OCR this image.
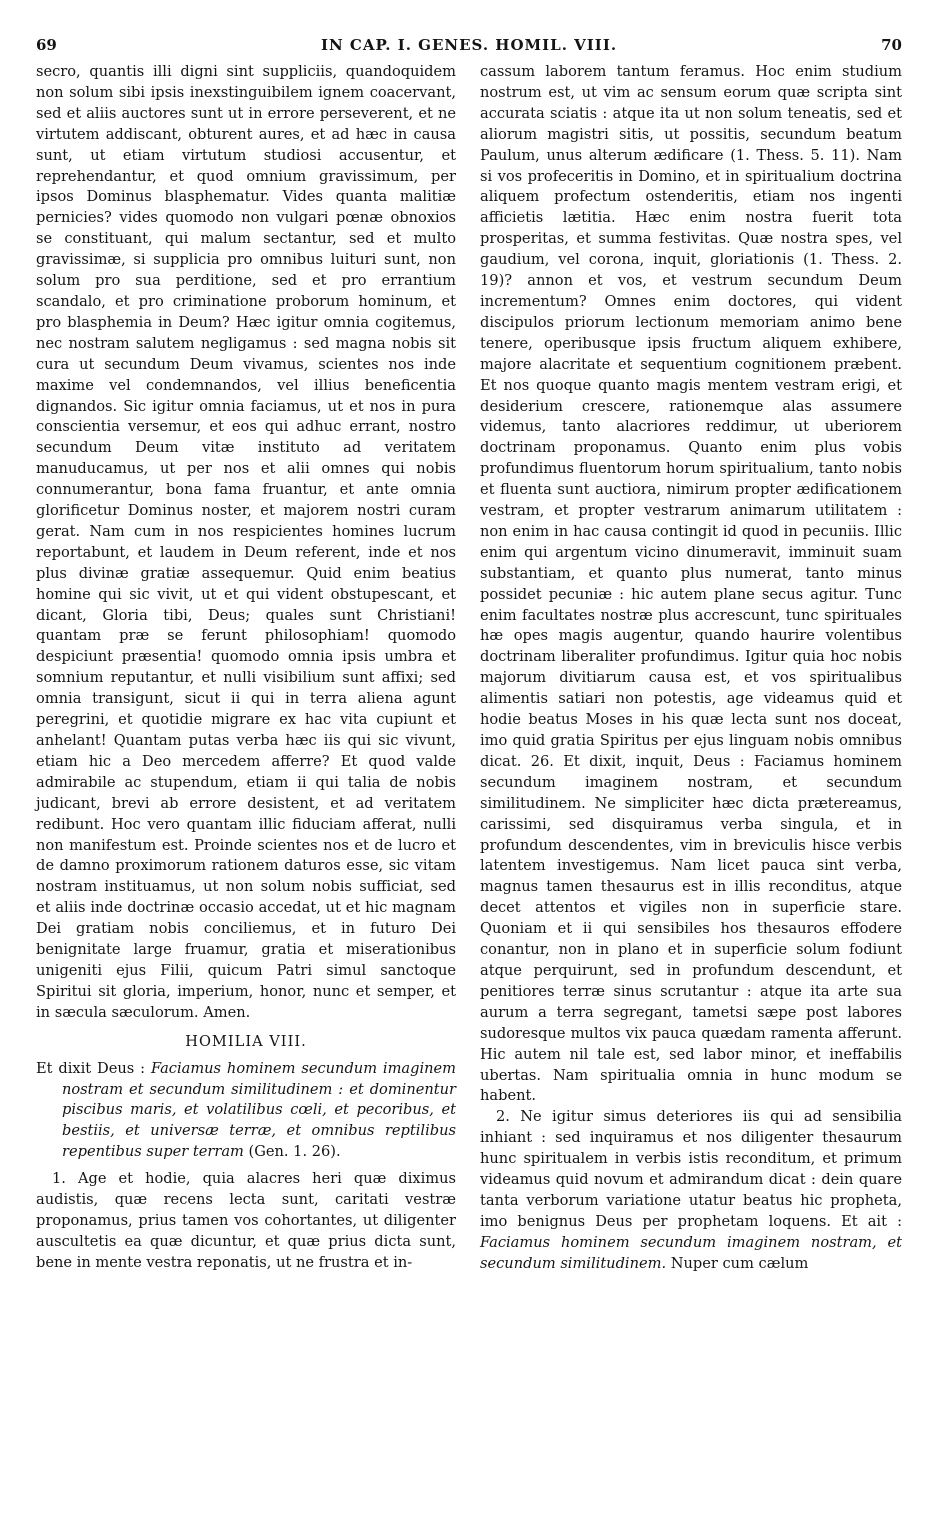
69	IN CAP. I. GENES. HOMIL. VIII.	70

secro, quantis illi digni sint suppliciis, quandoquidem non solum sibi ipsis inexstinguibilem ignem coacervant, sed et aliis auctores sunt ut in errore perseverent, et ne virtutem addiscant, obturent aures, et ad hæc in causa sunt, ut etiam virtutum studiosi accusentur, et reprehendantur, et quod omnium gravissimum, per ipsos Dominus blasphematur. Vides quanta malitiæ pernicies? vides quomodo non vulgari pœnæ obnoxios se constituant, qui malum sectantur, sed et multo gravissimæ, si supplicia pro omnibus luituri sunt, non solum pro sua perditione, sed et pro errantium scandalo, et pro criminatione proborum hominum, et pro blasphemia in Deum? Hæc igitur omnia cogitemus, nec nostram salutem negligamus : sed magna nobis sit cura ut secundum Deum vivamus, scientes nos inde maxime vel condemnandos, vel illius beneficentia dignandos. Sic igitur omnia faciamus, ut et nos in pura conscientia versemur, et eos qui adhuc errant, nostro secundum Deum vitæ instituto ad veritatem manuducamus, ut per nos et alii omnes qui nobis connumerantur, bona fama fruantur, et ante omnia glorificetur Dominus noster, et majorem nostri curam gerat. Nam cum in nos respicientes homines lucrum reportabunt, et laudem in Deum referent, inde et nos plus divinæ gratiæ assequemur. Quid enim beatius homine qui sic vivit, ut et qui vident obstupescant, et dicant, Gloria tibi, Deus; quales sunt Christiani! quantam præ se ferunt philosophiam! quomodo despiciunt præsentia! quomodo omnia ipsis umbra et somnium reputantur, et nulli visibilium sunt affixi; sed omnia transigunt, sicut ii qui in terra aliena agunt peregrini, et quotidie migrare ex hac vita cupiunt et anhelant! Quantam putas verba hæc iis qui sic vivunt, etiam hic a Deo mercedem afferre? Et quod valde admirabile ac stupendum, etiam ii qui talia de nobis judicant, brevi ab errore desistent, et ad veritatem redibunt. Hoc vero quantam illic fiduciam afferat, nulli non manifestum est. Proinde scientes nos et de lucro et de damno proximorum rationem daturos esse, sic vitam nostram instituamus, ut non solum nobis sufficiat, sed et aliis inde doctrinæ occasio accedat, ut et hic magnam Dei gratiam nobis conciliemus, et in futuro Dei benignitate large fruamur, gratia et miserationibus unigeniti ejus Filii, quicum Patri simul sanctoque Spiritui sit gloria, imperium, honor, nunc et semper, et in sæcula sæculorum. Amen.

HOMILIA VIII.

Et dixit Deus : Faciamus hominem secundum imaginem nostram et secundum similitudinem : et dominentur piscibus maris, et volatilibus cœli, et pecoribus, et bestiis, et universæ terræ, et omnibus reptilibus repentibus super terram (Gen. 1. 26).

1. Age et hodie, quia alacres heri quæ diximus audistis, quæ recens lecta sunt, caritati vestræ proponamus, prius tamen vos cohortantes, ut diligenter auscultetis ea quæ dicuntur, et quæ prius dicta sunt, bene in mente vestra reponatis, ut ne frustra et in-

cassum laborem tantum feramus. Hoc enim studium nostrum est, ut vim ac sensum eorum quæ scripta sint accurata sciatis : atque ita ut non solum teneatis, sed et aliorum magistri sitis, ut possitis, secundum beatum Paulum, unus alterum ædificare (1. Thess. 5. 11). Nam si vos profeceritis in Domino, et in spiritualium doctrina aliquem profectum ostenderitis, etiam nos ingenti afficietis lætitia. Hæc enim nostra fuerit tota prosperitas, et summa festivitas. Quæ nostra spes, vel gaudium, vel corona, inquit, gloriationis (1. Thess. 2. 19)? annon et vos, et vestrum secundum Deum incrementum? Omnes enim doctores, qui vident discipulos priorum lectionum memoriam animo bene tenere, operibusque ipsis fructum aliquem exhibere, majore alacritate et sequentium cognitionem præbent. Et nos quoque quanto magis mentem vestram erigi, et desiderium crescere, rationemque alas assumere videmus, tanto alacriores reddimur, ut uberiorem doctrinam proponamus. Quanto enim plus vobis profundimus fluentorum horum spiritualium, tanto nobis et fluenta sunt auctiora, nimirum propter ædificationem vestram, et propter vestrarum animarum utilitatem : non enim in hac causa contingit id quod in pecuniis. Illic enim qui argentum vicino dinumeravit, imminuit suam substantiam, et quanto plus numerat, tanto minus possidet pecuniæ : hic autem plane secus agitur. Tunc enim facultates nostræ plus accrescunt, tunc spirituales hæ opes magis augentur, quando haurire volentibus doctrinam liberaliter profundimus. Igitur quia hoc nobis majorum divitiarum causa est, et vos spiritualibus alimentis satiari non potestis, age videamus quid et hodie beatus Moses in his quæ lecta sunt nos doceat, imo quid gratia Spiritus per ejus linguam nobis omnibus dicat. 26. Et dixit, inquit, Deus : Faciamus hominem secundum imaginem nostram, et secundum similitudinem. Ne simpliciter hæc dicta prætereamus, carissimi, sed disquiramus verba singula, et in profundum descendentes, vim in breviculis hisce verbis latentem investigemus. Nam licet pauca sint verba, magnus tamen thesaurus est in illis reconditus, atque decet attentos et vigiles non in superficie stare. Quoniam et ii qui sensibiles hos thesauros effodere conantur, non in plano et in superficie solum fodiunt atque perquirunt, sed in profundum descendunt, et penitiores terræ sinus scrutantur : atque ita arte sua aurum a terra segregant, tametsi sæpe post labores sudoresque multos vix pauca quædam ramenta afferunt. Hic autem nil tale est, sed labor minor, et ineffabilis ubertas. Nam spiritualia omnia in hunc modum se habent.

2. Ne igitur simus deteriores iis qui ad sensibilia inhiant : sed inquiramus et nos diligenter thesaurum hunc spiritualem in verbis istis reconditum, et primum videamus quid novum et admirandum dicat : dein quare tanta verborum variatione utatur beatus hic propheta, imo benignus Deus per prophetam loquens. Et ait : Faciamus hominem secundum imaginem nostram, et secundum similitudinem. Nuper cum cælum
